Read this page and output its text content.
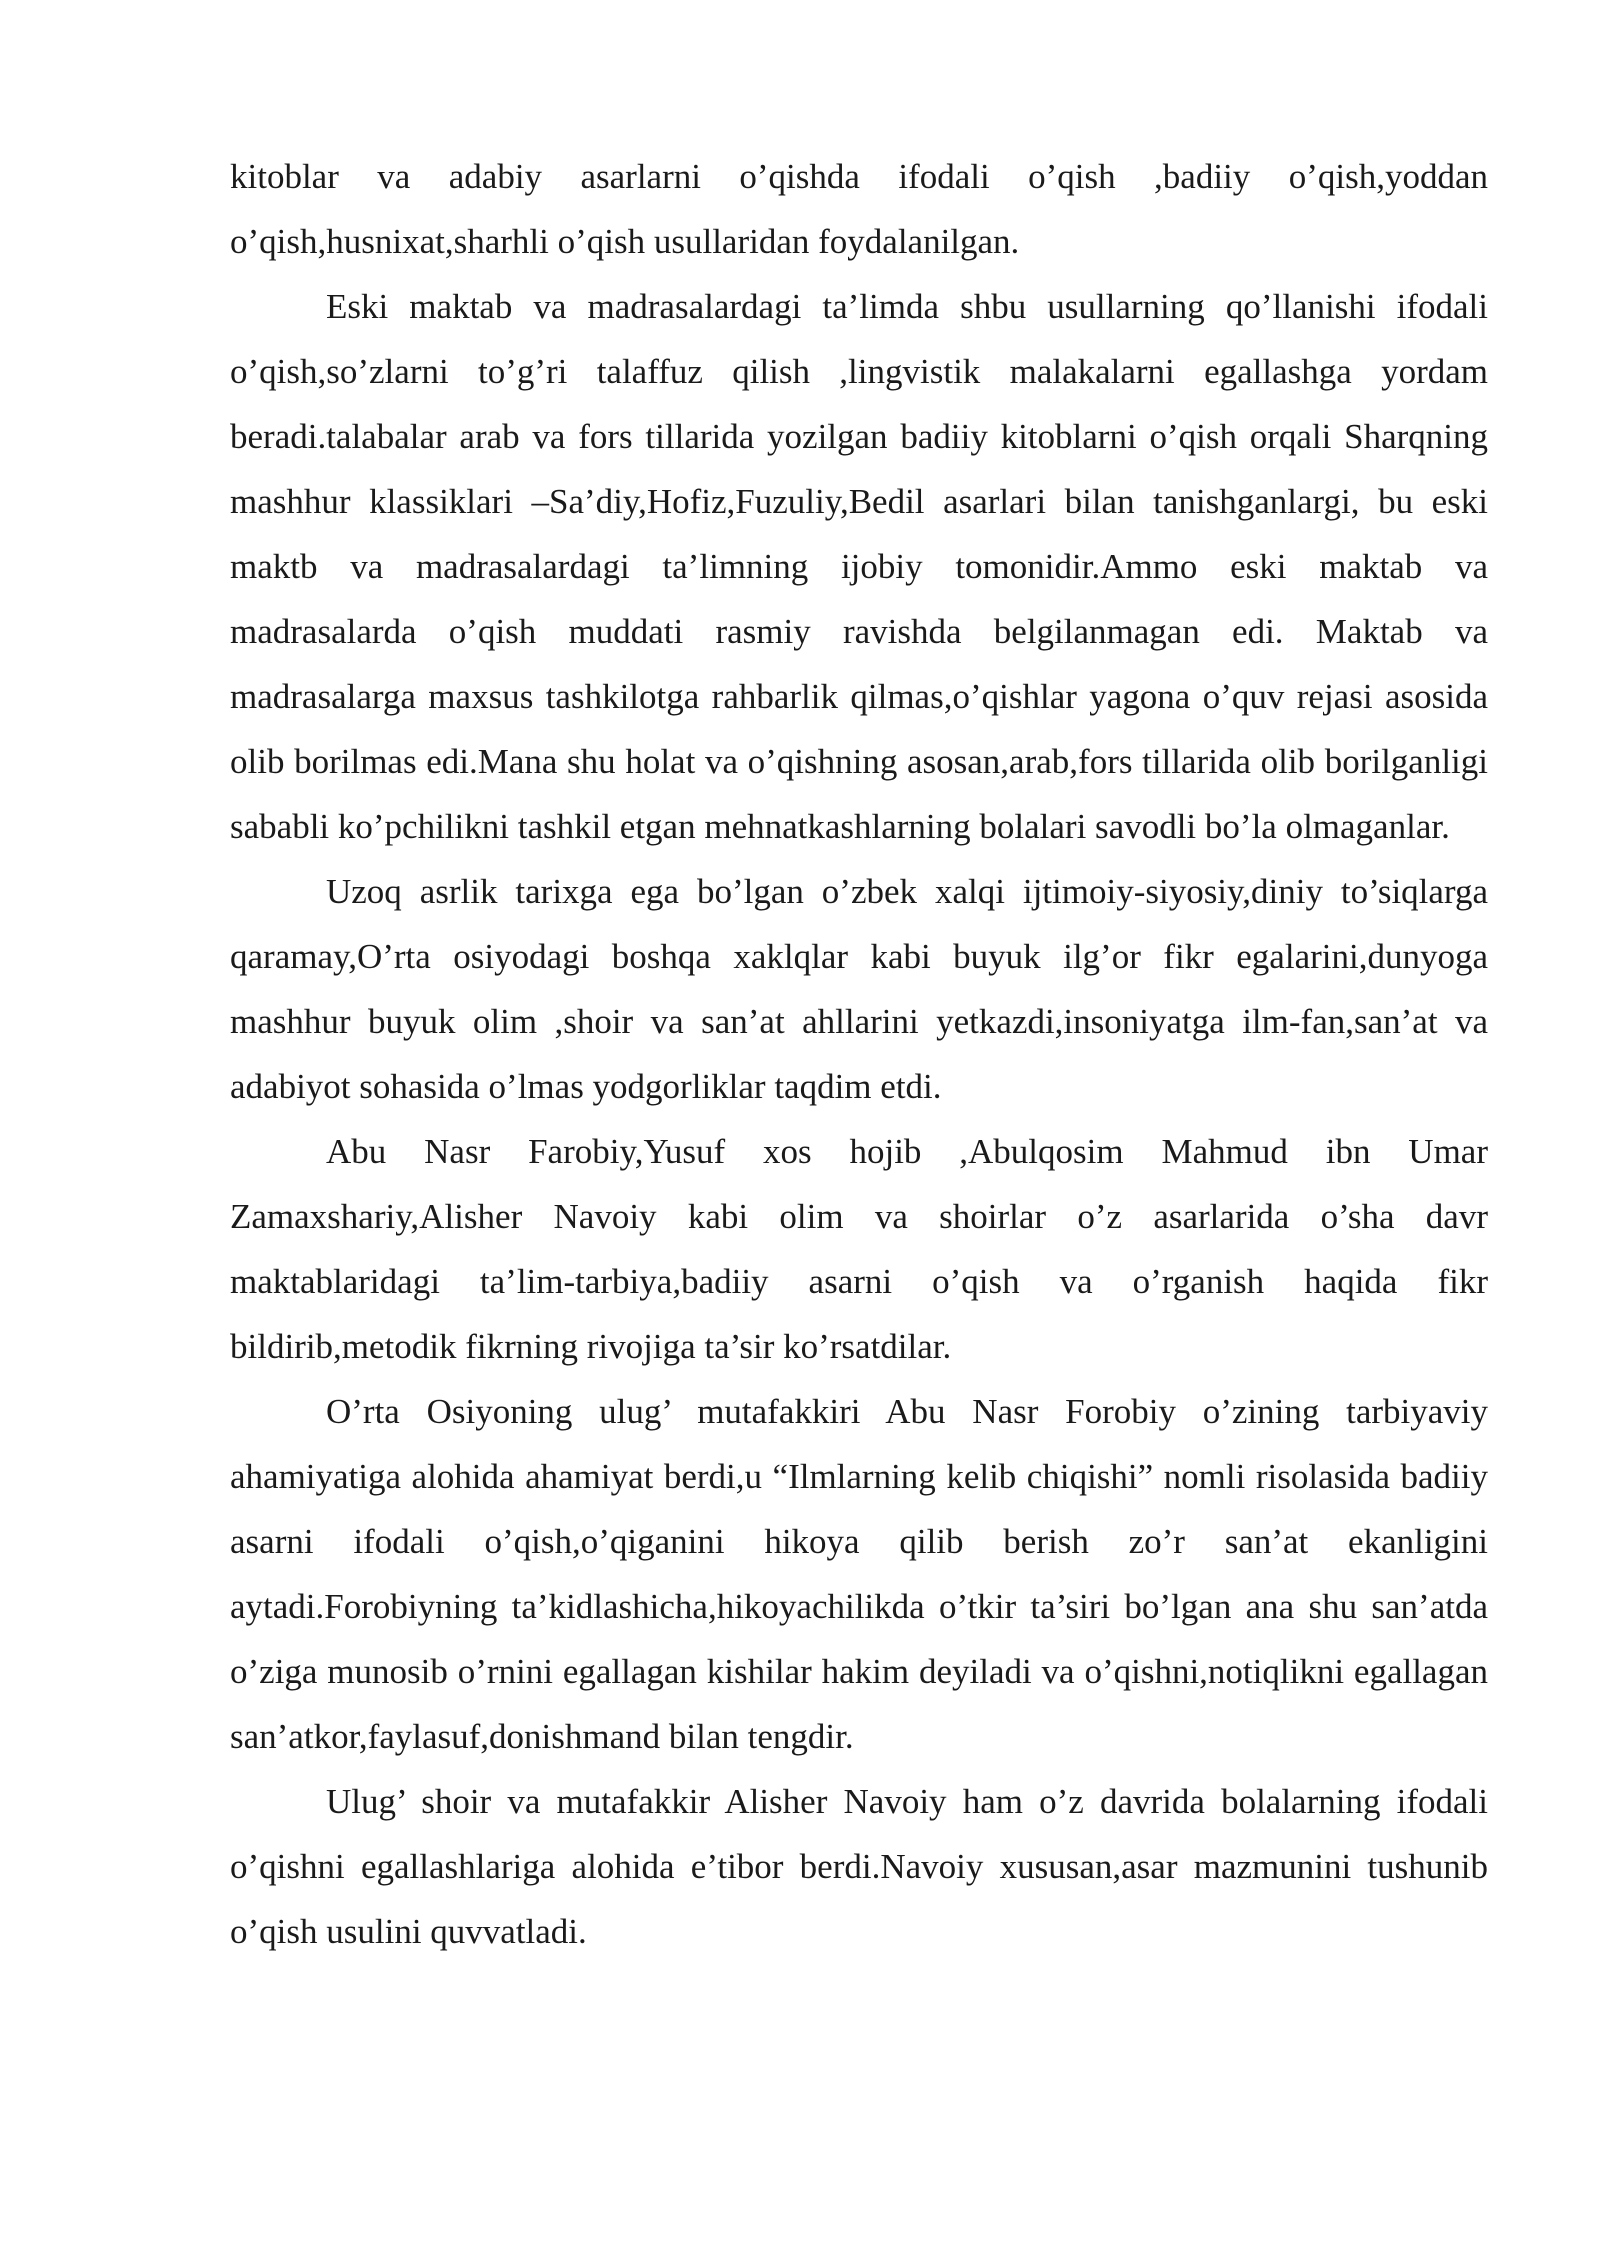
kitoblar va adabiy asarlarni o’qishda ifodali o’qish ,badiiy o’qish,yoddan o’qish,husnixat,sharhli o’qish usullaridan foydalanilgan.

Eski maktab va madrasalardagi ta’limda shbu usullarning qo’llanishi ifodali o’qish,so’zlarni to’g’ri talaffuz qilish ,lingvistik malakalarni egallashga yordam beradi.talabalar arab va fors tillarida yozilgan badiiy kitoblarni o’qish orqali Sharqning mashhur klassiklari –Sa’diy,Hofiz,Fuzuliy,Bedil asarlari bilan tanishganlargi, bu eski maktb va madrasalardagi ta’limning ijobiy tomonidir.Ammo eski maktab va madrasalarda o’qish muddati rasmiy ravishda belgilanmagan edi. Maktab va madrasalarga maxsus tashkilotga rahbarlik qilmas,o’qishlar yagona o’quv rejasi asosida olib borilmas edi.Mana shu holat va o’qishning asosan,arab,fors tillarida olib borilganligi sababli ko’pchilikni tashkil etgan mehnatkashlarning bolalari savodli bo’la olmaganlar.

Uzoq asrlik tarixga ega bo’lgan o’zbek xalqi ijtimoiy-siyosiy,diniy to’siqlarga qaramay,O’rta osiyodagi boshqa xaklqlar kabi buyuk ilg’or fikr egalarini,dunyoga mashhur buyuk olim ,shoir va san’at ahllarini yetkazdi,insoniyatga ilm-fan,san’at va adabiyot sohasida o’lmas yodgorliklar taqdim etdi.

Abu Nasr Farobiy,Yusuf xos hojib ,Abulqosim Mahmud ibn Umar Zamaxshariy,Alisher Navoiy kabi olim va shoirlar o’z asarlarida o’sha davr maktablaridagi ta’lim-tarbiya,badiiy asarni o’qish va o’rganish haqida fikr bildirib,metodik fikrning rivojiga ta’sir ko’rsatdilar.

O’rta Osiyoning ulug’ mutafakkiri Abu Nasr Forobiy o’zining tarbiyaviy ahamiyatiga alohida ahamiyat berdi,u “Ilmlarning kelib chiqishi” nomli risolasida badiiy asarni ifodali o’qish,o’qiganini hikoya qilib berish zo’r san’at ekanligini aytadi.Forobiyning ta’kidlashicha,hikoyachilikda o’tkir ta’siri bo’lgan ana shu san’atda o’ziga munosib o’rnini egallagan kishilar hakim deyiladi va o’qishni,notiqlikni egallagan san’atkor,faylasuf,donishmand bilan tengdir.

Ulug’ shoir va mutafakkir Alisher Navoiy ham o’z davrida bolalarning ifodali o’qishni egallashlariga alohida e’tibor berdi.Navoiy xususan,asar mazmunini tushunib o’qish usulini quvvatladi.
